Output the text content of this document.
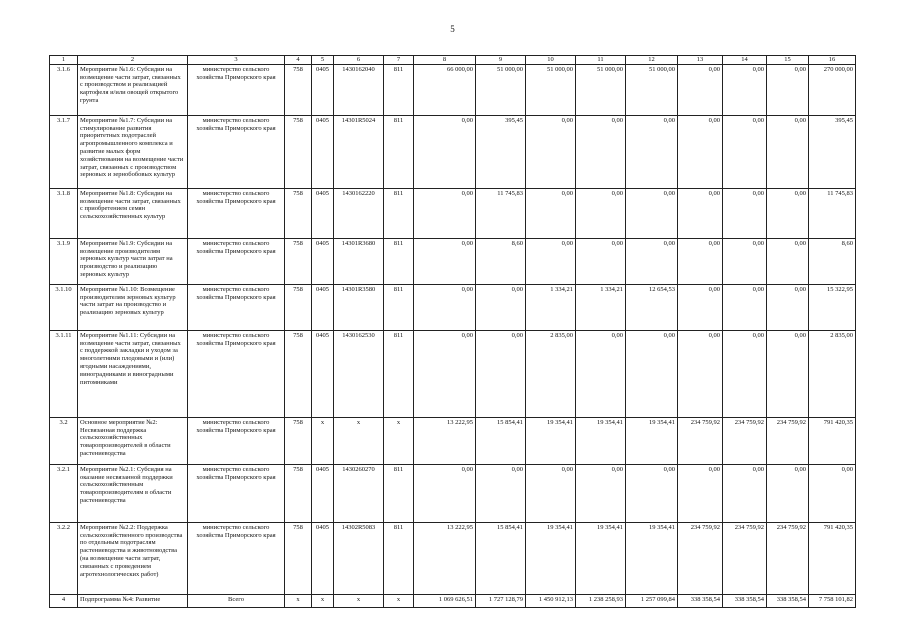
5
1	2	3	4	5	6	7	8	9	10	11	12	13	14	15	16
3.1.6	Мероприятие №1.6: Субсидии на возмещение части затрат, связанных с производством и реализацией картофеля и/или овощей открытого грунта	министерство сельского хозяйства Приморского края	758	0405	1430162040	811	66 000,00	51 000,00	51 000,00	51 000,00	51 000,00	0,00	0,00	0,00	270 000,00
3.1.7	Мероприятие №1.7: Субсидии на стимулирование развития приоритетных подотраслей агропромышленного комплекса и развитие малых форм хозяйствования на возмещение части затрат, связанных с производством зерновых и зернобобовых культур	министерство сельского хозяйства Приморского края	758	0405	14301R5024	811	0,00	395,45	0,00	0,00	0,00	0,00	0,00	0,00	395,45
3.1.8	Мероприятие №1.8: Субсидии на возмещение части затрат, связанных с приобретением семян сельскохозяйственных культур	министерство сельского хозяйства Приморского края	758	0405	1430162220	811	0,00	11 745,83	0,00	0,00	0,00	0,00	0,00	0,00	11 745,83
3.1.9	Мероприятие №1.9: Субсидии на возмещение производителям зерновых культур части затрат на производство и реализацию зерновых культур	министерство сельского хозяйства Приморского края	758	0405	14301R3680	811	0,00	8,60	0,00	0,00	0,00	0,00	0,00	0,00	8,60
3.1.10	Мероприятие №1.10: Возмещение производителям зерновых культур части затрат на производство и реализацию зерновых культур	министерство сельского хозяйства Приморского края	758	0405	14301R3580	811	0,00	0,00	1 334,21	1 334,21	12 654,53	0,00	0,00	0,00	15 322,95
3.1.11	Мероприятие №1.11: Субсидии на возмещение части затрат, связанных с поддержкой закладки и уходом за многолетними плодовыми и (или) ягодными насаждениями, виноградниками и виноградными питомниками	министерство сельского хозяйства Приморского края	758	0405	1430162530	811	0,00	0,00	2 835,00	0,00	0,00	0,00	0,00	0,00	2 835,00
3.2	Основное мероприятие №2: Несвязанная поддержка сельскохозяйственных товаропроизводителей в области растениеводства	министерство сельского хозяйства Приморского края	758	x	x	x	13 222,95	15 854,41	19 354,41	19 354,41	19 354,41	234 759,92	234 759,92	234 759,92	791 420,35
3.2.1	Мероприятие №2.1: Субсидия на оказание несвязанной поддержки сельскохозяйственным товаропроизводителям в области растениеводства	министерство сельского хозяйства Приморского края	758	0405	1430260270	811	0,00	0,00	0,00	0,00	0,00	0,00	0,00	0,00	0,00
3.2.2	Мероприятие №2.2: Поддержка сельскохозяйственного производства по отдельным подотраслям растениеводства и животноводства (на возмещение части затрат, связанных с проведением агротехнологических работ)	министерство сельского хозяйства Приморского края	758	0405	14302R5083	811	13 222,95	15 854,41	19 354,41	19 354,41	19 354,41	234 759,92	234 759,92	234 759,92	791 420,35
4	Подпрограмма №4: Развитие	Всего	x	x	x	x	1 069 626,51	1 727 128,79	1 450 912,13	1 238 258,93	1 257 099,84	338 358,54	338 358,54	338 358,54	7 758 101,82
